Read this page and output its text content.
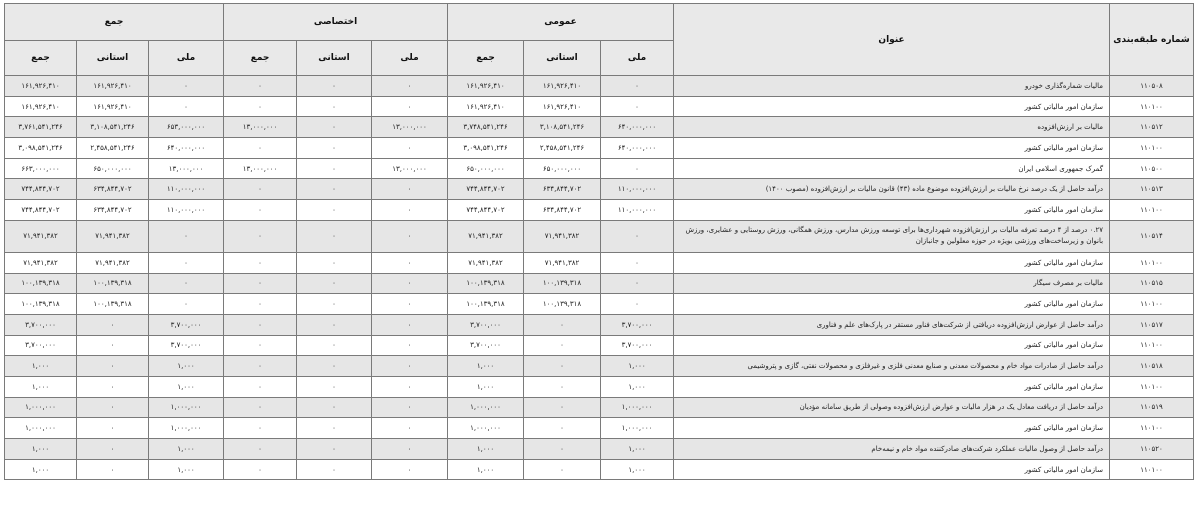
شماره طبقه‌بندی	عنوان	عمومی			اختصاصی			جمع		
		ملی	استانی	جمع	ملی	استانی	جمع	ملی	استانی	جمع
۱۱۰۵۰۸	مالیات شماره‌گذاری خودرو	۰	۱۶۱,۹۲۶,۴۱۰	۱۶۱,۹۲۶,۴۱۰	۰	۰	۰	۰	۱۶۱,۹۲۶,۴۱۰	۱۶۱,۹۲۶,۴۱۰
۱۱۰۱۰۰	سازمان امور مالیاتی کشور	۰	۱۶۱,۹۲۶,۴۱۰	۱۶۱,۹۲۶,۴۱۰	۰	۰	۰	۰	۱۶۱,۹۲۶,۴۱۰	۱۶۱,۹۲۶,۴۱۰
۱۱۰۵۱۲	مالیات بر ارزش‌افزوده	۶۴۰,۰۰۰,۰۰۰	۳,۱۰۸,۵۴۱,۲۴۶	۳,۷۴۸,۵۴۱,۲۴۶	۱۳,۰۰۰,۰۰۰	۰	۱۳,۰۰۰,۰۰۰	۶۵۳,۰۰۰,۰۰۰	۳,۱۰۸,۵۴۱,۲۴۶	۳,۷۶۱,۵۴۱,۲۴۶
۱۱۰۱۰۰	سازمان امور مالیاتی کشور	۶۴۰,۰۰۰,۰۰۰	۲,۴۵۸,۵۴۱,۲۴۶	۳,۰۹۸,۵۴۱,۲۴۶	۰	۰	۰	۶۴۰,۰۰۰,۰۰۰	۲,۴۵۸,۵۴۱,۲۴۶	۳,۰۹۸,۵۴۱,۲۴۶
۱۱۰۵۰۰	گمرک جمهوری اسلامی ایران	۰	۶۵۰,۰۰۰,۰۰۰	۶۵۰,۰۰۰,۰۰۰	۱۳,۰۰۰,۰۰۰	۰	۱۳,۰۰۰,۰۰۰	۱۳,۰۰۰,۰۰۰	۶۵۰,۰۰۰,۰۰۰	۶۶۳,۰۰۰,۰۰۰
۱۱۰۵۱۳	درآمد حاصل از یک درصد نرخ مالیات بر ارزش‌افزوده موضوع ماده (۴۳) قانون مالیات بر ارزش‌افزوده (مصوب ۱۴۰۰)	۱۱۰,۰۰۰,۰۰۰	۶۳۴,۸۴۴,۷۰۲	۷۴۴,۸۴۴,۷۰۲	۰	۰	۰	۱۱۰,۰۰۰,۰۰۰	۶۳۴,۸۴۴,۷۰۲	۷۴۴,۸۴۴,۷۰۲
۱۱۰۱۰۰	سازمان امور مالیاتی کشور	۱۱۰,۰۰۰,۰۰۰	۶۳۴,۸۴۴,۷۰۲	۷۴۴,۸۴۴,۷۰۲	۰	۰	۰	۱۱۰,۰۰۰,۰۰۰	۶۳۴,۸۴۴,۷۰۲	۷۴۴,۸۴۴,۷۰۲
۱۱۰۵۱۴	۰.۲۷ درصد از ۴ درصد تعرفه مالیات بر ارزش‌افزوده شهرداری‌ها برای توسعه ورزش مدارس، ورزش همگانی، ورزش روستایی و عشایری، ورزش بانوان و زیرساخت‌های ورزشی بویژه در حوزه معلولین و جانبازان	۰	۷۱,۹۴۱,۳۸۲	۷۱,۹۴۱,۳۸۲	۰	۰	۰	۰	۷۱,۹۴۱,۳۸۲	۷۱,۹۴۱,۳۸۲
۱۱۰۱۰۰	سازمان امور مالیاتی کشور	۰	۷۱,۹۴۱,۳۸۲	۷۱,۹۴۱,۳۸۲	۰	۰	۰	۰	۷۱,۹۴۱,۳۸۲	۷۱,۹۴۱,۳۸۲
۱۱۰۵۱۵	مالیات بر مصرف سیگار	۰	۱۰۰,۱۳۹,۳۱۸	۱۰۰,۱۳۹,۳۱۸	۰	۰	۰	۰	۱۰۰,۱۳۹,۳۱۸	۱۰۰,۱۳۹,۳۱۸
۱۱۰۱۰۰	سازمان امور مالیاتی کشور	۰	۱۰۰,۱۳۹,۳۱۸	۱۰۰,۱۳۹,۳۱۸	۰	۰	۰	۰	۱۰۰,۱۳۹,۳۱۸	۱۰۰,۱۳۹,۳۱۸
۱۱۰۵۱۷	درآمد حاصل از عوارض ارزش‌افزوده دریافتی از شرکت‌های فناور مستقر در پارک‌های علم و فناوری	۳,۷۰۰,۰۰۰	۰	۳,۷۰۰,۰۰۰	۰	۰	۰	۳,۷۰۰,۰۰۰	۰	۳,۷۰۰,۰۰۰
۱۱۰۱۰۰	سازمان امور مالیاتی کشور	۳,۷۰۰,۰۰۰	۰	۳,۷۰۰,۰۰۰	۰	۰	۰	۳,۷۰۰,۰۰۰	۰	۳,۷۰۰,۰۰۰
۱۱۰۵۱۸	درآمد حاصل از صادرات مواد خام و محصولات معدنی و صنایع معدنی فلزی و غیرفلزی و محصولات نفتی، گازی و پتروشیمی	۱,۰۰۰	۰	۱,۰۰۰	۰	۰	۰	۱,۰۰۰	۰	۱,۰۰۰
۱۱۰۱۰۰	سازمان امور مالیاتی کشور	۱,۰۰۰	۰	۱,۰۰۰	۰	۰	۰	۱,۰۰۰	۰	۱,۰۰۰
۱۱۰۵۱۹	درآمد حاصل از دریافت معادل یک در هزار مالیات و عوارض ارزش‌افزوده وصولی از طریق سامانه مؤدیان	۱,۰۰۰,۰۰۰	۰	۱,۰۰۰,۰۰۰	۰	۰	۰	۱,۰۰۰,۰۰۰	۰	۱,۰۰۰,۰۰۰
۱۱۰۱۰۰	سازمان امور مالیاتی کشور	۱,۰۰۰,۰۰۰	۰	۱,۰۰۰,۰۰۰	۰	۰	۰	۱,۰۰۰,۰۰۰	۰	۱,۰۰۰,۰۰۰
۱۱۰۵۲۰	درآمد حاصل از وصول مالیات عملکرد شرکت‌های صادرکننده مواد خام و نیمه‌خام	۱,۰۰۰	۰	۱,۰۰۰	۰	۰	۰	۱,۰۰۰	۰	۱,۰۰۰
۱۱۰۱۰۰	سازمان امور مالیاتی کشور	۱,۰۰۰	۰	۱,۰۰۰	۰	۰	۰	۱,۰۰۰	۰	۱,۰۰۰
